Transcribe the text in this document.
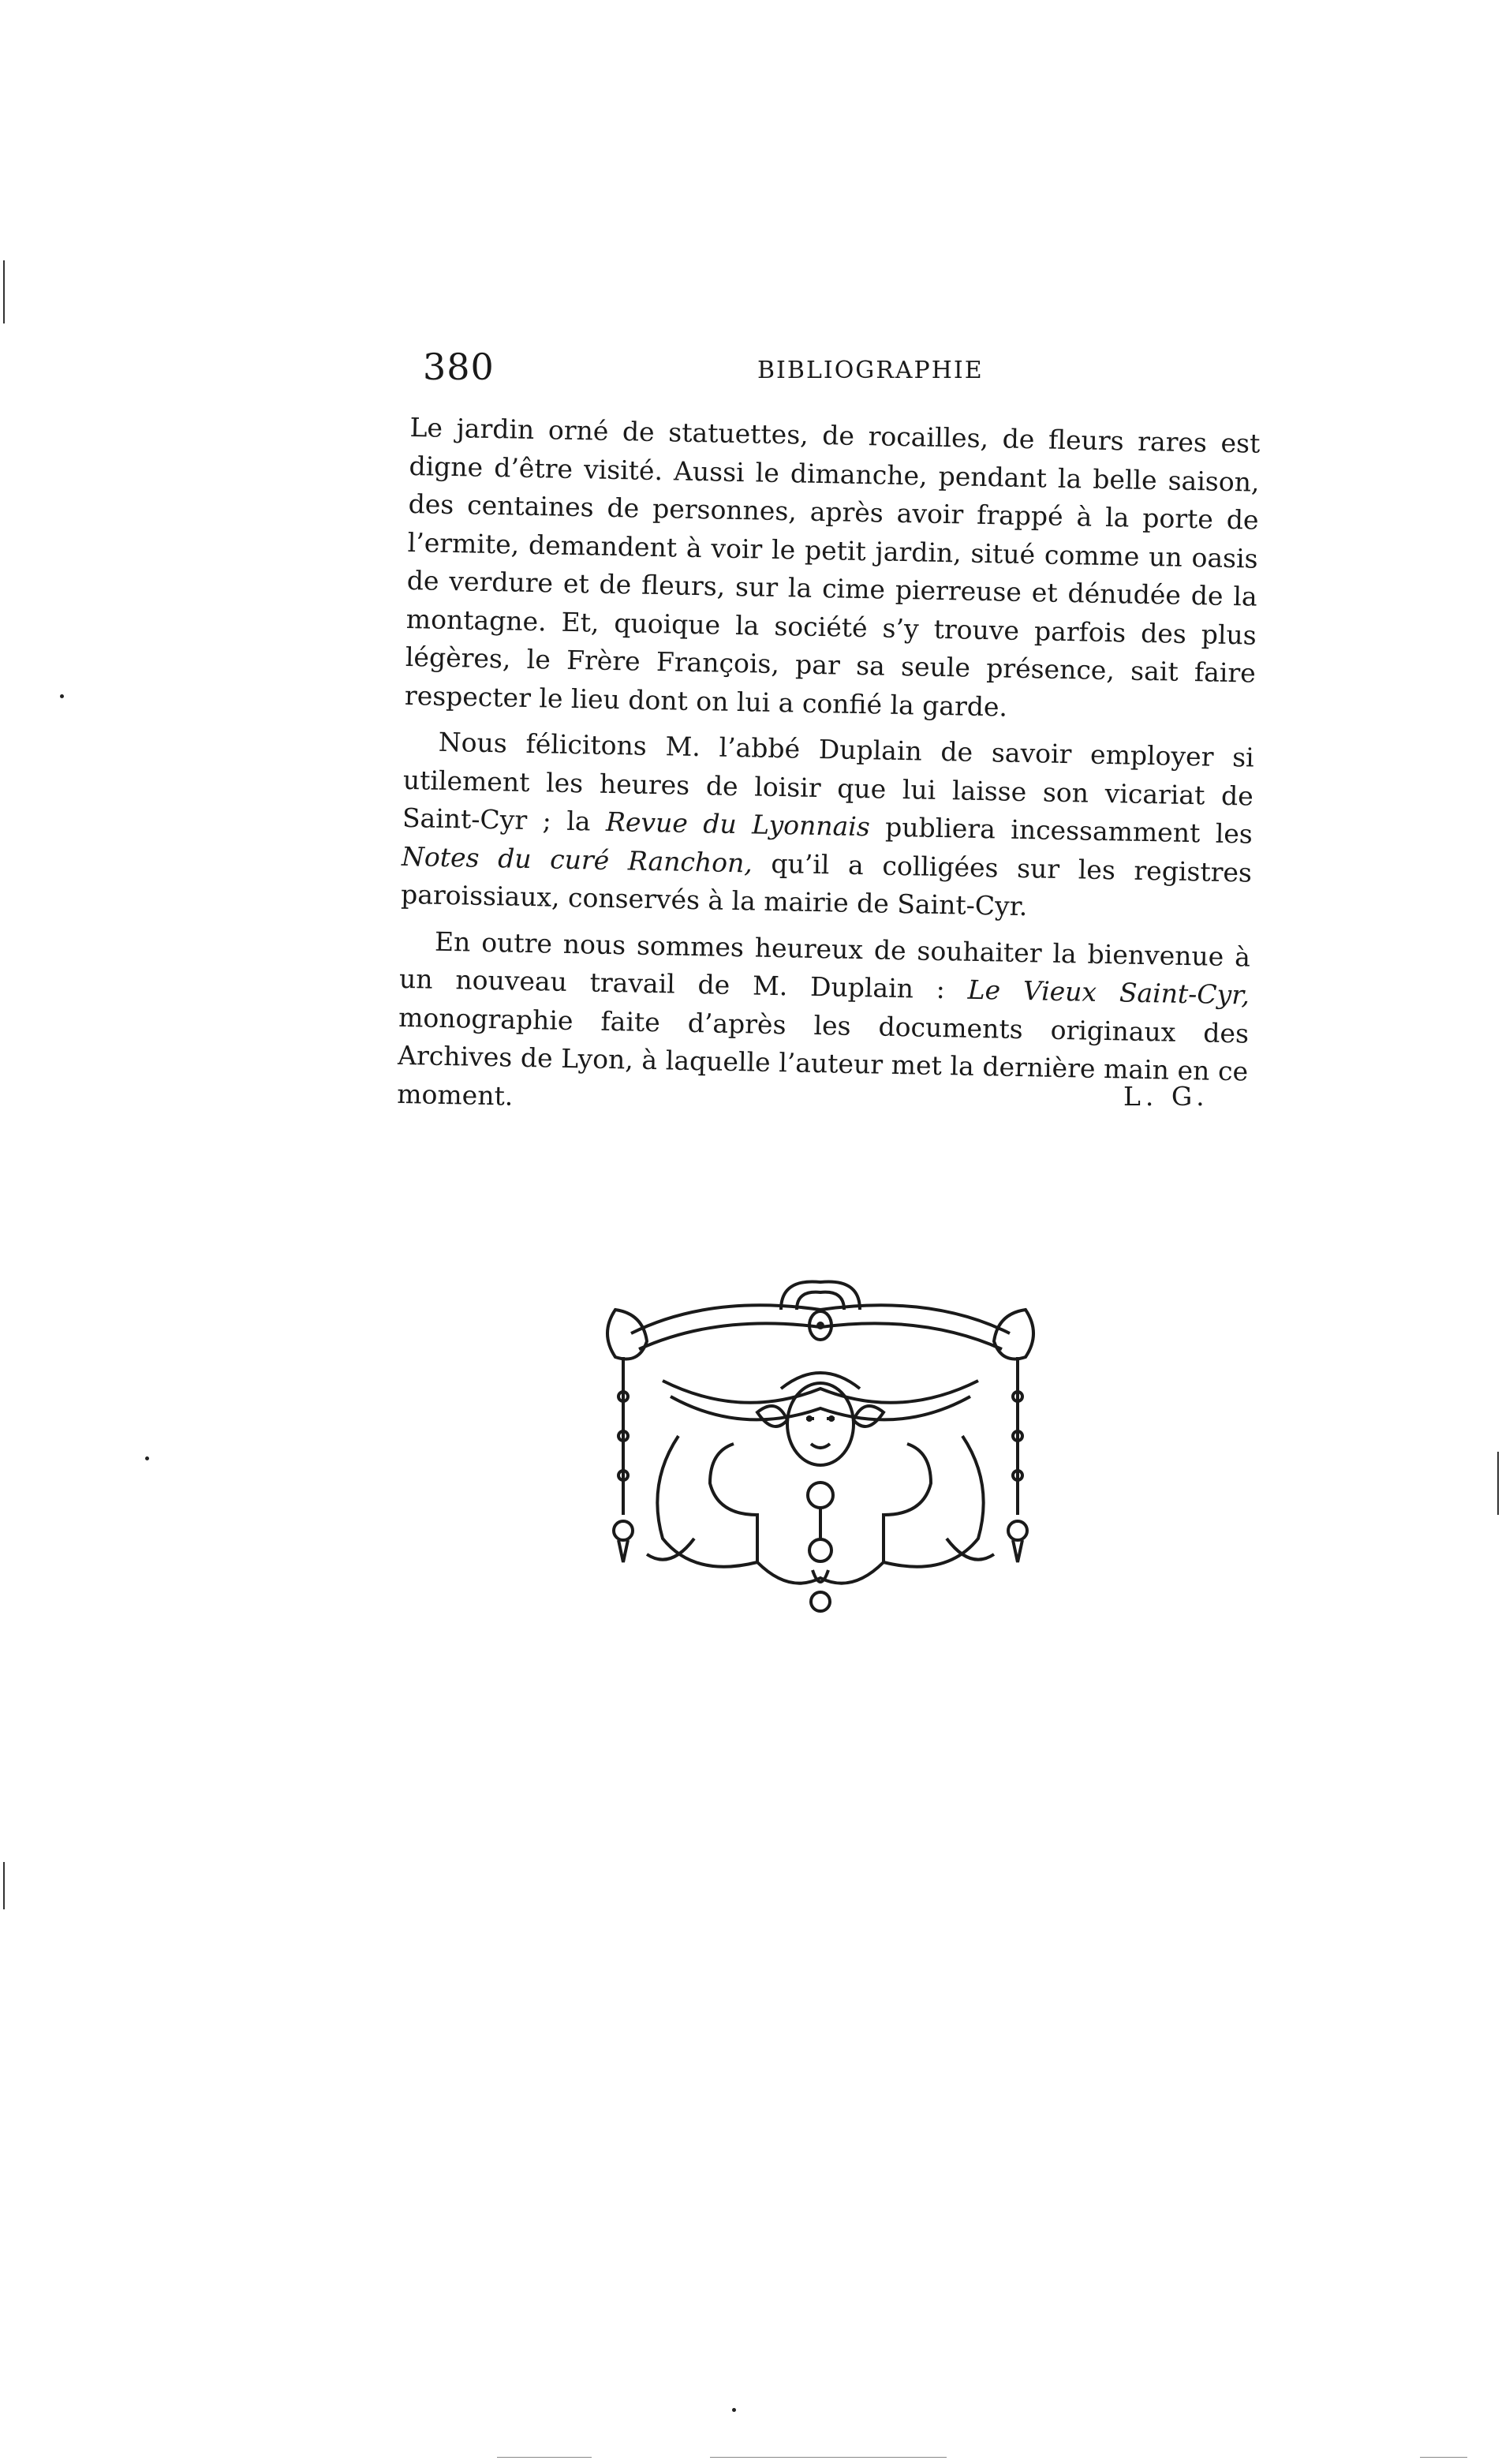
380	BIBLIOGRAPHIE

Le jardin orné de statuettes, de rocailles, de fleurs rares est digne d’être visité. Aussi le dimanche, pendant la belle saison, des centaines de personnes, après avoir frappé à la porte de l’ermite, demandent à voir le petit jardin, situé comme un oasis de verdure et de fleurs, sur la cime pierreuse et dénudée de la montagne. Et, quoique la société s’y trouve parfois des plus légères, le Frère François, par sa seule présence, sait faire respecter le lieu dont on lui a confié la garde.

Nous félicitons M. l’abbé Duplain de savoir employer si utilement les heures de loisir que lui laisse son vicariat de Saint-Cyr ; la Revue du Lyonnais publiera incessamment les Notes du curé Ranchon, qu’il a colligées sur les registres paroissiaux, conservés à la mairie de Saint-Cyr.

En outre nous sommes heureux de souhaiter la bienvenue à un nouveau travail de M. Duplain : Le Vieux Saint-Cyr, monographie faite d’après les documents originaux des Archives de Lyon, à laquelle l’auteur met la dernière main en ce moment.	L. G.
